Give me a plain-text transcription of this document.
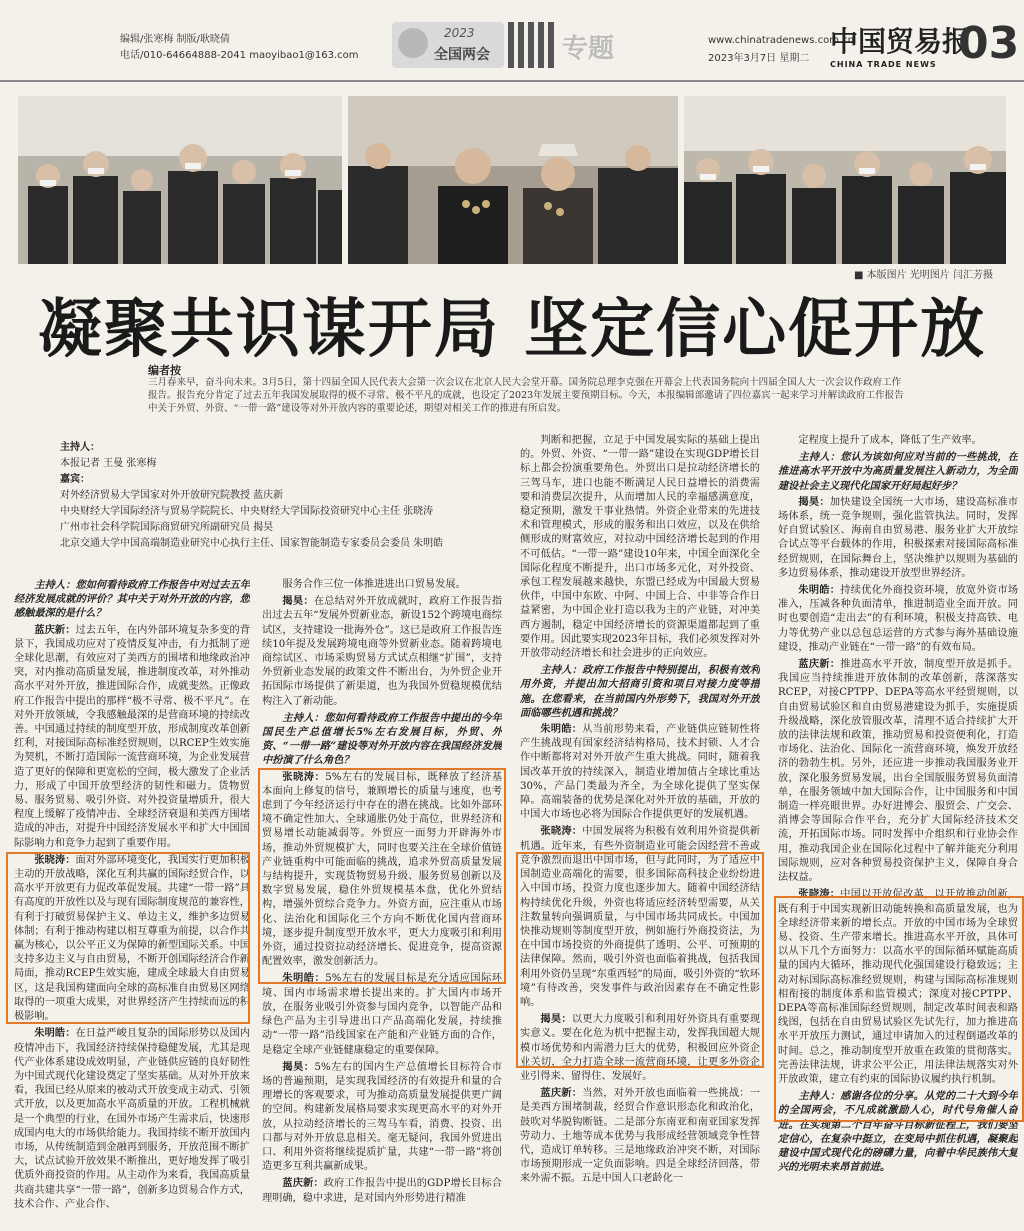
编辑/张寒梅 制版/耿晓倩
电话/010-64664888-2041 maoyibao1@163.com
2023
全国两会	专题	www.chinatradenews.com.cn
2023年3月7日 星期二
中国贸易报
CHINA TRADE NEWS 03
■ 本版图片 光明图片 闫汇芳摄
凝聚共识谋开局 坚定信心促开放
编者按
三月春来早，奋斗向未来。3月5日，第十四届全国人民代表大会第一次会议在北京人民大会堂开幕。国务院总理李克强在开幕会上代表国务院向十四届全国人大一次会议作政府工作报告。报告充分肯定了过去五年我国发展取得的极不寻常、极不平凡的成就，也设定了2023年发展主要预期目标。今天，本报编辑部邀请了四位嘉宾一起来学习并解读政府工作报告中关于外贸、外资、“一带一路”建设等对外开放内容的重要论述，期望对相关工作的推进有所启发。
主持人：
本报记者 王曼 张寒梅
嘉宾：
对外经济贸易大学国家对外开放研究院教授 蓝庆新
中央财经大学国际经济与贸易学院院长、中央财经大学国际投资研究中心主任 张晓涛
广州市社会科学院国际商贸研究所副研究员 揭昊
北京交通大学中国高端制造业研究中心执行主任、国家智能制造专家委员会委员 朱明皓

主持人：您如何看待政府工作报告中对过去五年经济发展成就的评价？其中关于对外开放的内容，您感触最深的是什么？

蓝庆新：过去五年，在内外部环境复杂多变的背景下，我国成功应对了疫情反复冲击，有力抵制了逆全球化思潮，有效应对了美西方的围堵和地缘政治冲突，对内推动高质量发展，推进制度改革，对外推动高水平对外开放，推进国际合作，成就斐然。正像政府工作报告中提出的那样“极不寻常、极不平凡”。在对外开放领域，令我感触最深的是营商环境的持续改善。中国通过持续的制度型开放，形成制度改革创新红利，对接国际高标准经贸规则，以RCEP生效实施为契机，不断打造国际一流营商环境，为企业发展营造了更好的保障和更宽松的空间，极大激发了企业活力，形成了中国开放型经济的韧性和磁力。货物贸易、服务贸易、吸引外资、对外投资量增质升，很大程度上缓解了疫情冲击、全球经济衰退和美西方围堵造成的冲击，对提升中国经济发展水平和扩大中国国际影响力和竞争力起到了重要作用。

张晓涛：面对外部环境变化，我国实行更加积极主动的开放战略，深化互利共赢的国际经贸合作，以高水平开放更有力促改革促发展。共建“一带一路”具有高度的开放性以及与现有国际制度规范的兼容性，有利于打破贸易保护主义、单边主义，维护多边贸易体制；有利于推动构建以相互尊重为前提，以合作共赢为核心，以公平正义为保障的新型国际关系。中国支持多边主义与自由贸易，不断开创国际经济合作新局面，推动RCEP生效实施，建成全球最大自由贸易区，这是我国构建面向全球的高标准自由贸易区网络取得的一项重大成果，对世界经济产生持续而远的积极影响。

朱明皓：在日益严峻且复杂的国际形势以及国内疫情冲击下，我国经济持续保持稳健发展，尤其是现代产业体系建设成效明显，产业链供应链的良好韧性为中国式现代化建设奠定了坚实基础。从对外开放来看，我国已经从原来的被动式开放变成主动式、引领式开放，以及更加高水平高质量的开放。工程机械就是一个典型的行业，在国外市场产生需求后，快速形成国内电大的市场供给能力。我国持续不断开放国内市场，从传统制造到金融再到服务，开放范围不断扩大，试点试验开放效果不断推出，更好地发挥了吸引优质外商投资的作用。从主动作为来看，我国高质量共商共建共享“一带一路”，创新多边贸易合作方式，技术合作、产业合作、

服务合作三位一体推进进出口贸易发展。

揭昊：在总结对外开放成就时，政府工作报告指出过去五年“发展外贸新业态，新设152个跨境电商综试区，支持建设一批海外仓”。这已是政府工作报告连续10年提及发展跨境电商等外贸新业态。随着跨境电商综试区、市场采购贸易方式试点相继“扩围”，支持外贸新业态发展的政策文件不断出台，为外贸企业开拓国际市场提供了新渠道，也为我国外贸稳规模优结构注入了新动能。

主持人：您如何看待政府工作报告中提出的今年国民生产总值增长5%左右发展目标，外贸、外资、“一带一路”建设等对外开放内容在我国经济发展中扮演了什么角色？

张晓涛：5%左右的发展目标，既释放了经济基本面向上修复的信号，兼顾增长的质量与速度，也考虑到了今年经济运行中存在的潜在挑战。比如外部环境不确定性加大、全球通胀仍处于高位，世界经济和贸易增长动能减弱等。外贸应一面努力开辟海外市场，推动外贸规模扩大，同时也要关注在全球价值链产业链重构中可能面临的挑战，追求外贸高质量发展与结构提升，实现货物贸易升级、服务贸易创新以及数字贸易发展，稳住外贸规模基本盘，优化外贸结构，增强外贸综合竞争力。外资方面，应注重从市场化、法治化和国际化三个方向不断优化国内营商环境，逐步提升制度型开放水平，更大力度吸引和利用外资，通过投资拉动经济增长、促进竞争，提高资源配置效率，激发创新活力。

朱明皓：5%左右的发展目标是充分适应国际环境、国内市场需求增长提出来的。扩大国内市场开放，在服务业吸引外资参与国内竞争，以智能产品和绿色产品为主引导进出口产品高端化发展，持续推动“一带一路”沿线国家在产能和产业链方面的合作，是稳定全球产业链健康稳定的重要保障。

揭昊：5%左右的国内生产总值增长目标符合市场的普遍预期，是实现我国经济的有效提升和量的合理增长的客观要求，可为推动高质量发展提供更广阔的空间。构建新发展格局要求实现更高水平的对外开放，从拉动经济增长的三驾马车看，消费、投资、出口都与对外开放息息相关。毫无疑问，我国外贸进出口、利用外资将继续提质扩量，共建“一带一路”将创造更多互利共赢新成果。

蓝庆新：政府工作报告中提出的GDP增长目标合理明确，稳中求进，是对国内外形势进行精准

判断和把握，立足于中国发展实际的基础上提出的。外贸、外资、“一带一路”建设在实现GDP增长目标上都会扮演重要角色。外贸出口是拉动经济增长的三驾马车，进口也能不断满足人民日益增长的消费需要和消费层次提升，从而增加人民的幸福感满意度，稳定预期，激发干事业热情。外资企业带来的先进技术和管理模式，形成的服务和出口效应，以及在供给侧形成的财富效应，对拉动中国经济增长起到的作用不可低估。“一带一路”建设10年来，中国全面深化全国际化程度不断提升，出口市场多元化，对外投资、承包工程发展越来越快，东盟已经成为中国最大贸易伙伴，中国中东欧、中阿、中国上合、中非等合作日益紧密，为中国企业打造以我为主的产业链，对冲美西方遏制，稳定中国经济增长的资源渠道都起到了重要作用。因此要实现2023年目标，我们必须发挥对外开放带动经济增长和社会进步的正向效应。

主持人：政府工作报告中特别提出，积极有效利用外资，并提出加大招商引资和项目对接力度等措施。在您看来，在当前国内外形势下，我国对外开放面临哪些机遇和挑战？

朱明皓：从当前形势来看，产业链供应链韧性将产生挑战现有国家经济结构格局，技术封锁、人才合作中断都将对对外开放产生重大挑战。同时，随着我国改革开放的持续深入，制造业增加值占全球比重达30%，产品门类最为齐全，为全球化提供了坚实保障。高端装备的优势是深化对外开放的基础，开放的中国大市场也必将为国际合作提供更好的发展机遇。

张晓涛：中国发展将为积极有效利用外资提供新机遇。近年来，有些外资制造业可能会因经营不善或竞争激烈而退出中国市场，但与此同时，为了适应中国制造业高端化的需要，很多国际高科技企业纷纷进入中国市场，投资力度也逐步加大。随着中国经济结构持续优化升级，外资也将适应经济转型需要，从关注数量转向强调质量，与中国市场共同成长。中国加快推动规则等制度型开放，例如施行外商投资法，为在中国市场投资的外商提供了透明、公平、可预期的法律保障。然而，吸引外资也面临着挑战，包括我国利用外资仍呈现“东重西轻”的局面，吸引外资的“软环境”有待改善，突发事件与政治因素存在不确定性影响。

揭昊：以更大力度吸引和利用好外资具有重要现实意义。要在化危为机中把握主动，发挥我国超大规模市场优势和内需潜力巨大的优势，积极回应外资企业关切，全力打造全球一流营商环境，让更多外资企业引得来、留得住、发展好。

蓝庆新：当然，对外开放也面临着一些挑战：一是美西方围堵制裁，经贸合作意识形态化和政治化，鼓吹对华脱钩断链。二是部分东南亚和南亚国家发挥劳动力、土地等成本优势与我形成经营领域竞争性替代，造成订单转移。三是地缘政治冲突不断，对国际市场预期形成一定负面影响。四是全球经济回落，带来外需不振。五是中国人口老龄化一

定程度上提升了成本，降低了生产效率。

主持人：您认为该如何应对当前的一些挑战，在推进高水平开放中为高质量发展注入新动力，为全面建设社会主义现代化国家开好局起好步？

揭昊：加快建设全国统一大市场，建设高标准市场体系，统一竞争规则，强化监管执法。同时，发挥好自贸试验区、海南自由贸易港、服务业扩大开放综合试点等平台载体的作用，积极探索对接国际高标准经贸规则，在国际舞台上，坚决维护以规则为基础的多边贸易体系，推动建设开放型世界经济。

朱明皓：持续优化外商投资环境，放宽外资市场准入，压减各种负面清单，推进制造业全面开放。同时也要创造“走出去”的有利环境，积极支持高铁、电力等优势产业以总包总运营的方式参与海外基础设施建设，推动产业链在“一带一路”的有效布局。

蓝庆新：推进高水平开放，制度型开放是抓手。我国应当持续推进开放体制的改革创新，落深落实RCEP，对接CPTPP、DEPA等高水平经贸规则，以自由贸易试验区和自由贸易港建设为抓手，实施提质升级战略，深化放管服改革，清理不适合持续扩大开放的法律法规和政策，推动贸易和投资便利化，打造市场化、法治化、国际化一流营商环境，焕发开放经济的勃勃生机。另外，还应进一步推动我国服务业开放，深化服务贸易发展，出台全国版服务贸易负面清单，在服务领域中加大国际合作，让中国服务和中国制造一样亮眼世界。办好进博会、服贸会、广交会、消博会等国际合作平台，充分扩大国际经济技术交流，开拓国际市场。同时发挥中介组织和行业协会作用，推动我国企业在国际化过程中了解并能充分利用国际规则，应对各种贸易投资保护主义，保障自身合法权益。

张晓涛：中国以开放促改革，以开放推动创新，既有利于中国实现新旧动能转换和高质量发展，也为全球经济带来新的增长点。开放的中国市场为全球贸易、投资、生产带来增长。推进高水平开放，具体可以从下几个方面努力：以高水平的国际循环赋能高质量的国内大循环，推动现代化强国建设行稳致远；主动对标国际高标准经贸规则，构建与国际高标准规则相衔接的制度体系和监管模式；深度对接CPTPP、DEPA等高标准国际经贸规则，制定改革时间表和路线图，包括在自由贸易试验区先试先行，加力推进高水平开放压力测试，通过申请加入的过程倒逼改革的时间。总之，推动制度型开放重在政策的贯彻落实。完善法律法规，讲求公平公正，用法律法规落实对外开放政策，建立有约束的国际协议履约执行机制。

主持人：感谢各位的分享。从党的二十大到今年的全国两会，不凡成就激励人心，时代号角催人奋进。在实现第二个百年奋斗目标新征程上，我们要坚定信心，在复杂中挺立，在变局中抓住机遇，凝聚起建设中国式现代化的磅礴力量，向着中华民族伟大复兴的光明未来昂首前进。
